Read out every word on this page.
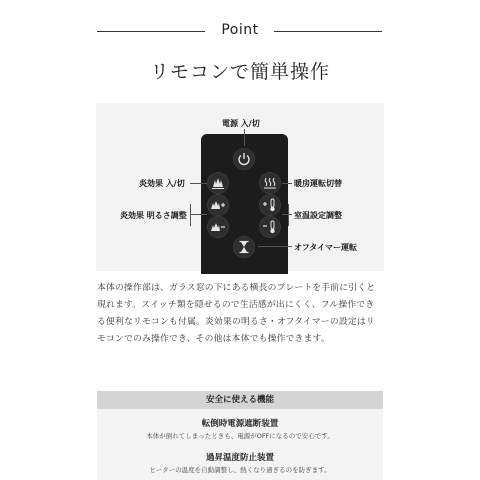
Point
リモコンで簡単操作
電源 入/切
炎効果 入/切
炎効果 明るさ調整
暖房運転切替
室温設定調整
オフタイマー運転

本体の操作部は、ガラス窓の下にある横長のプレートを手前に引くと

現れます。スイッチ類を隠せるので生活感が出にくく、フル操作でき

る便利なリモコンも付属。炎効果の明るさ・オフタイマーの設定はリ

モコンでのみ操作でき、その他は本体でも操作できます。

安全に使える機能
転倒時電源遮断装置
本体が倒れてしまったときも、電源がOFFになるので安心です。
過昇温度防止装置
ヒーターの温度を自動調整し、熱くなり過ぎるのを防ぎます。
